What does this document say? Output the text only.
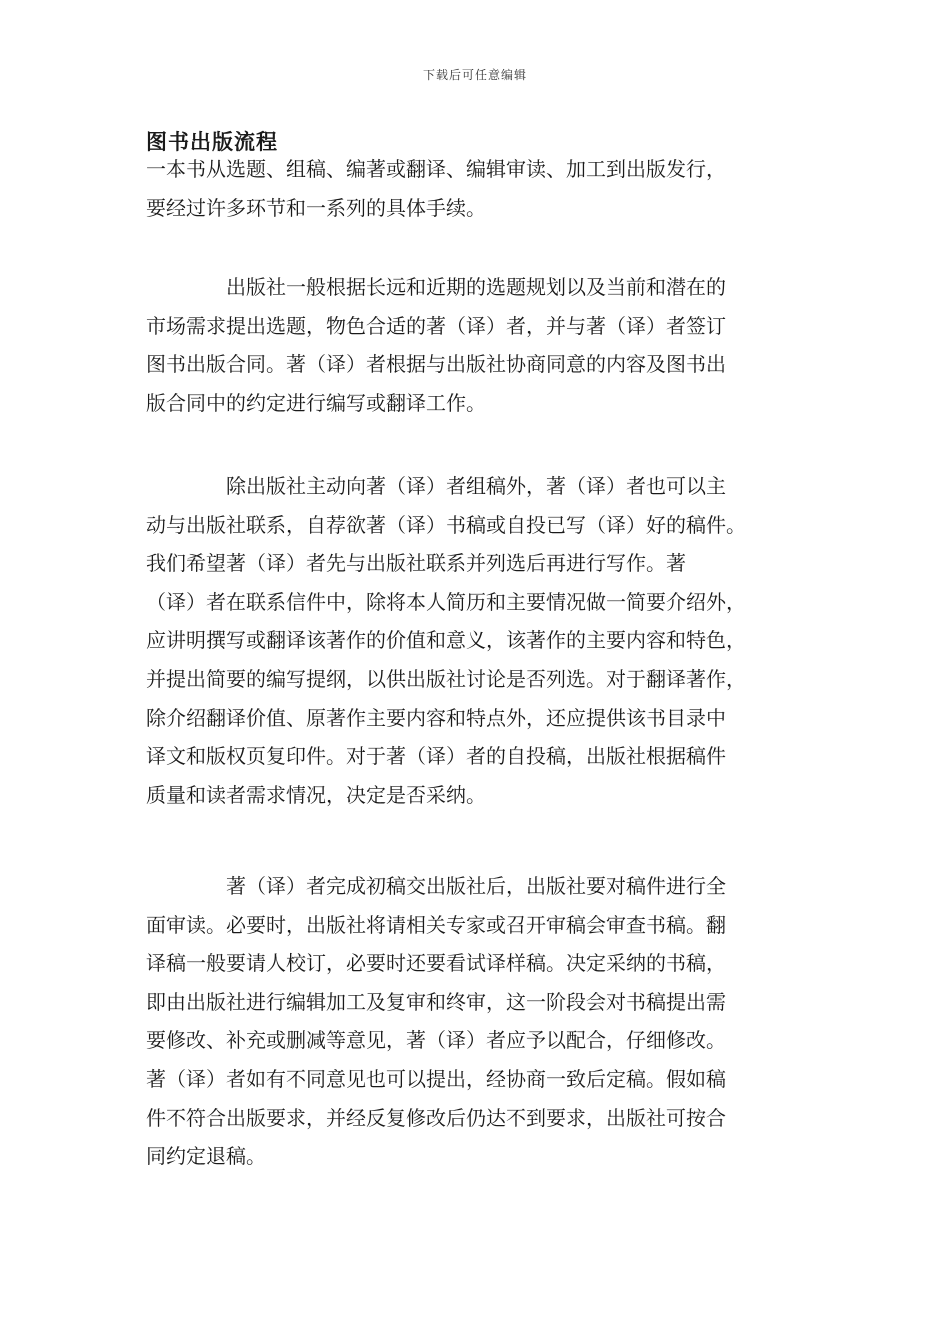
下载后可任意编辑
图书出版流程
一本书从选题、组稿、编著或翻译、编辑审读、加工到出版发行，
要经过许多环节和一系列的具体手续。
　　　　出版社一般根据长远和近期的选题规划以及当前和潜在的
市场需求提出选题，物色合适的著（译）者，并与著（译）者签订
图书出版合同。著（译）者根据与出版社协商同意的内容及图书出
版合同中的约定进行编写或翻译工作。
　　　　除出版社主动向著（译）者组稿外，著（译）者也可以主
动与出版社联系，自荐欲著（译）书稿或自投已写（译）好的稿件。
我们希望著（译）者先与出版社联系并列选后再进行写作。著
（译）者在联系信件中，除将本人简历和主要情况做一简要介绍外，
应讲明撰写或翻译该著作的价值和意义，该著作的主要内容和特色，
并提出简要的编写提纲，以供出版社讨论是否列选。对于翻译著作，
除介绍翻译价值、原著作主要内容和特点外，还应提供该书目录中
译文和版权页复印件。对于著（译）者的自投稿，出版社根据稿件
质量和读者需求情况，决定是否采纳。
　　　　著（译）者完成初稿交出版社后，出版社要对稿件进行全
面审读。必要时，出版社将请相关专家或召开审稿会审查书稿。翻
译稿一般要请人校订，必要时还要看试译样稿。决定采纳的书稿，
即由出版社进行编辑加工及复审和终审，这一阶段会对书稿提出需
要修改、补充或删减等意见，著（译）者应予以配合，仔细修改。
著（译）者如有不同意见也可以提出，经协商一致后定稿。假如稿
件不符合出版要求，并经反复修改后仍达不到要求，出版社可按合
同约定退稿。
